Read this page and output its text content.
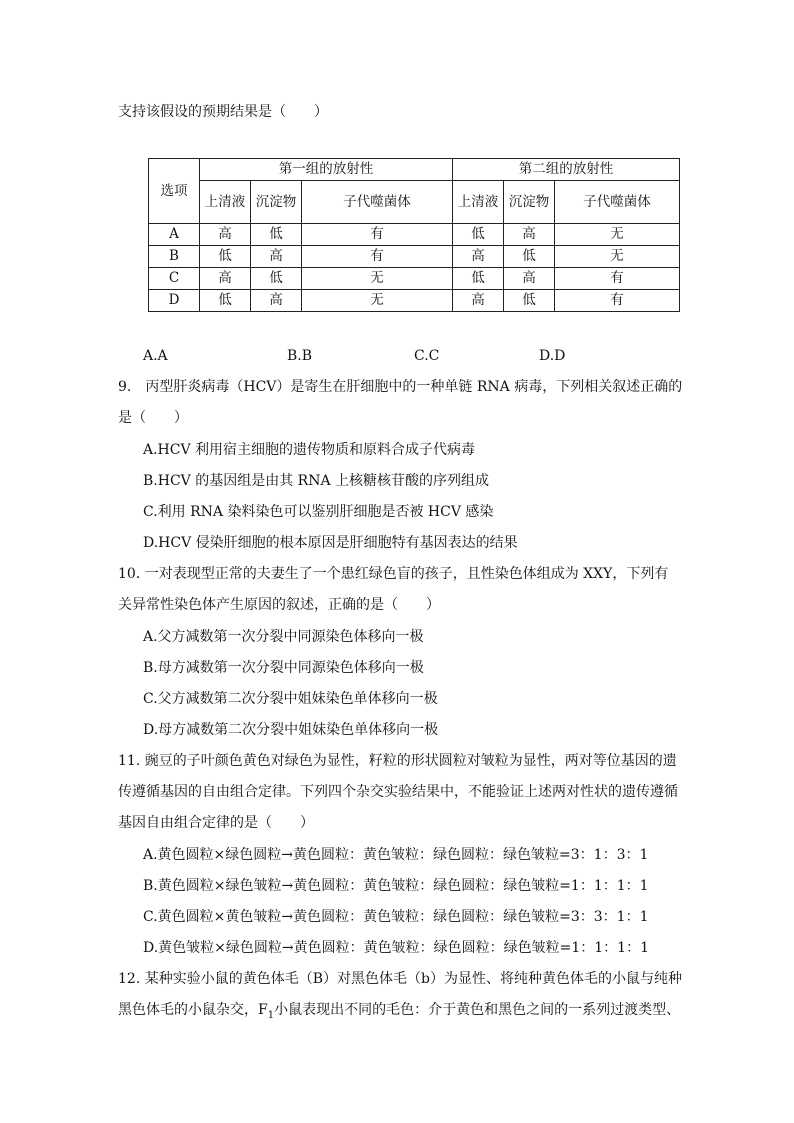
支持该假设的预期结果是（　　）
选项	第一组的放射性			第二组的放射性		
	上清液	沉淀物	子代噬菌体	上清液	沉淀物	子代噬菌体
A	高	低	有	低	高	无
B	低	高	有	高	低	无
C	高	低	无	低	高	有
D	低	高	无	高	低	有
A.A	B.B	C.C	D.D
9.　丙型肝炎病毒（HCV）是寄生在肝细胞中的一种单链 RNA 病毒，下列相关叙述正确的
是（　　）
A.HCV 利用宿主细胞的遗传物质和原料合成子代病毒
B.HCV 的基因组是由其 RNA 上核糖核苷酸的序列组成
C.利用 RNA 染料染色可以鉴别肝细胞是否被 HCV 感染
D.HCV 侵染肝细胞的根本原因是肝细胞特有基因表达的结果
10. 一对表现型正常的夫妻生了一个患红绿色盲的孩子，且性染色体组成为 XXY，下列有
关异常性染色体产生原因的叙述，正确的是（　　）
A.父方减数第一次分裂中同源染色体移向一极
B.母方减数第一次分裂中同源染色体移向一极
C.父方减数第二次分裂中姐妹染色单体移向一极
D.母方减数第二次分裂中姐妹染色单体移向一极
11. 豌豆的子叶颜色黄色对绿色为显性，籽粒的形状圆粒对皱粒为显性，两对等位基因的遗
传遵循基因的自由组合定律。下列四个杂交实验结果中，不能验证上述两对性状的遗传遵循
基因自由组合定律的是（　　）
A.黄色圆粒×绿色圆粒→黄色圆粒：黄色皱粒：绿色圆粒：绿色皱粒=3：1：3：1
B.黄色圆粒×绿色皱粒→黄色圆粒：黄色皱粒：绿色圆粒：绿色皱粒=1：1：1：1
C.黄色圆粒×黄色皱粒→黄色圆粒：黄色皱粒：绿色圆粒：绿色皱粒=3：3：1：1
D.黄色皱粒×绿色圆粒→黄色圆粒：黄色皱粒：绿色圆粒：绿色皱粒=1：1：1：1
12. 某种实验小鼠的黄色体毛（B）对黑色体毛（b）为显性、将纯种黄色体毛的小鼠与纯种
黑色体毛的小鼠杂交，$F_1$小鼠表现出不同的毛色：介于黄色和黑色之间的一系列过渡类型、
